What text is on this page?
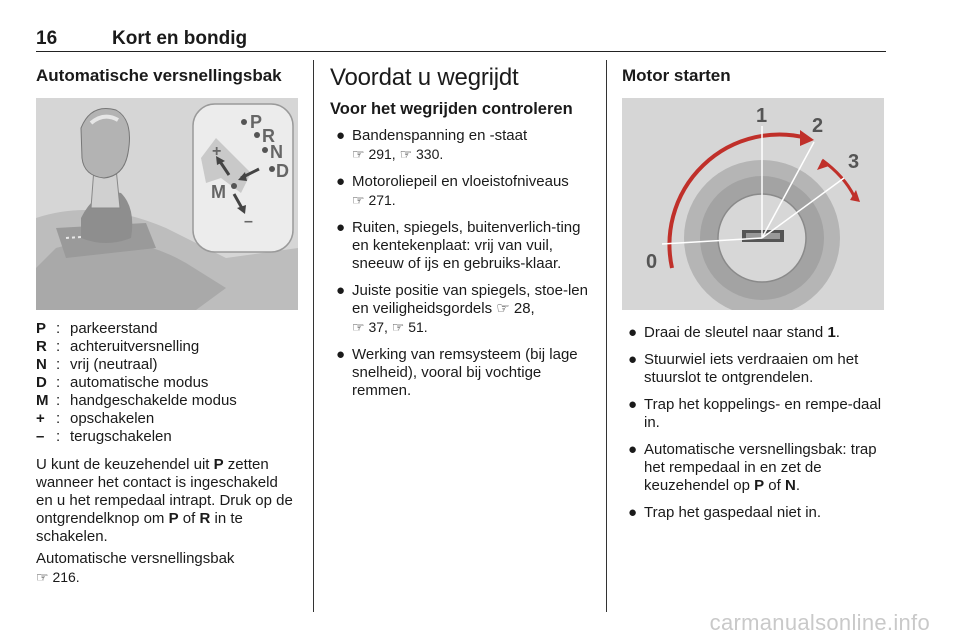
16	Kort en bondig
Automatische versnellingsbak
P
R
N
D
M
+
–
P : parkeerstand
R : achteruitversnelling
N : vrij (neutraal)
D : automatische modus
M : handgeschakelde modus
+ : opschakelen
– : terugschakelen

U kunt de keuzehendel uit P zetten wanneer het contact is ingeschakeld en u het rempedaal intrapt. Druk op de ontgrendelknop om P of R in te schakelen.

Automatische versnellingsbak
☞ 216.

Voordat u wegrijdt
Voor het wegrijden controleren
● Bandenspanning en -staat
☞ 291, ☞ 330.
● Motoroliepeil en vloeistofniveaus
☞ 271.
● Ruiten, spiegels, buitenverlich-ting en kentekenplaat: vrij van vuil, sneeuw of ijs en gebruiks-klaar.
● Juiste positie van spiegels, stoe-len en veiligheidsgordels ☞ 28,
☞ 37, ☞ 51.
● Werking van remsysteem (bij lage snelheid), vooral bij vochtige remmen.
Motor starten
1 2
3
0
● Draai de sleutel naar stand 1.
● Stuurwiel iets verdraaien om het stuurslot te ontgrendelen.
● Trap het koppelings- en rempe-daal in.
● Automatische versnellingsbak: trap het rempedaal in en zet de keuzehendel op P of N.
● Trap het gaspedaal niet in.
carmanualsonline.info
